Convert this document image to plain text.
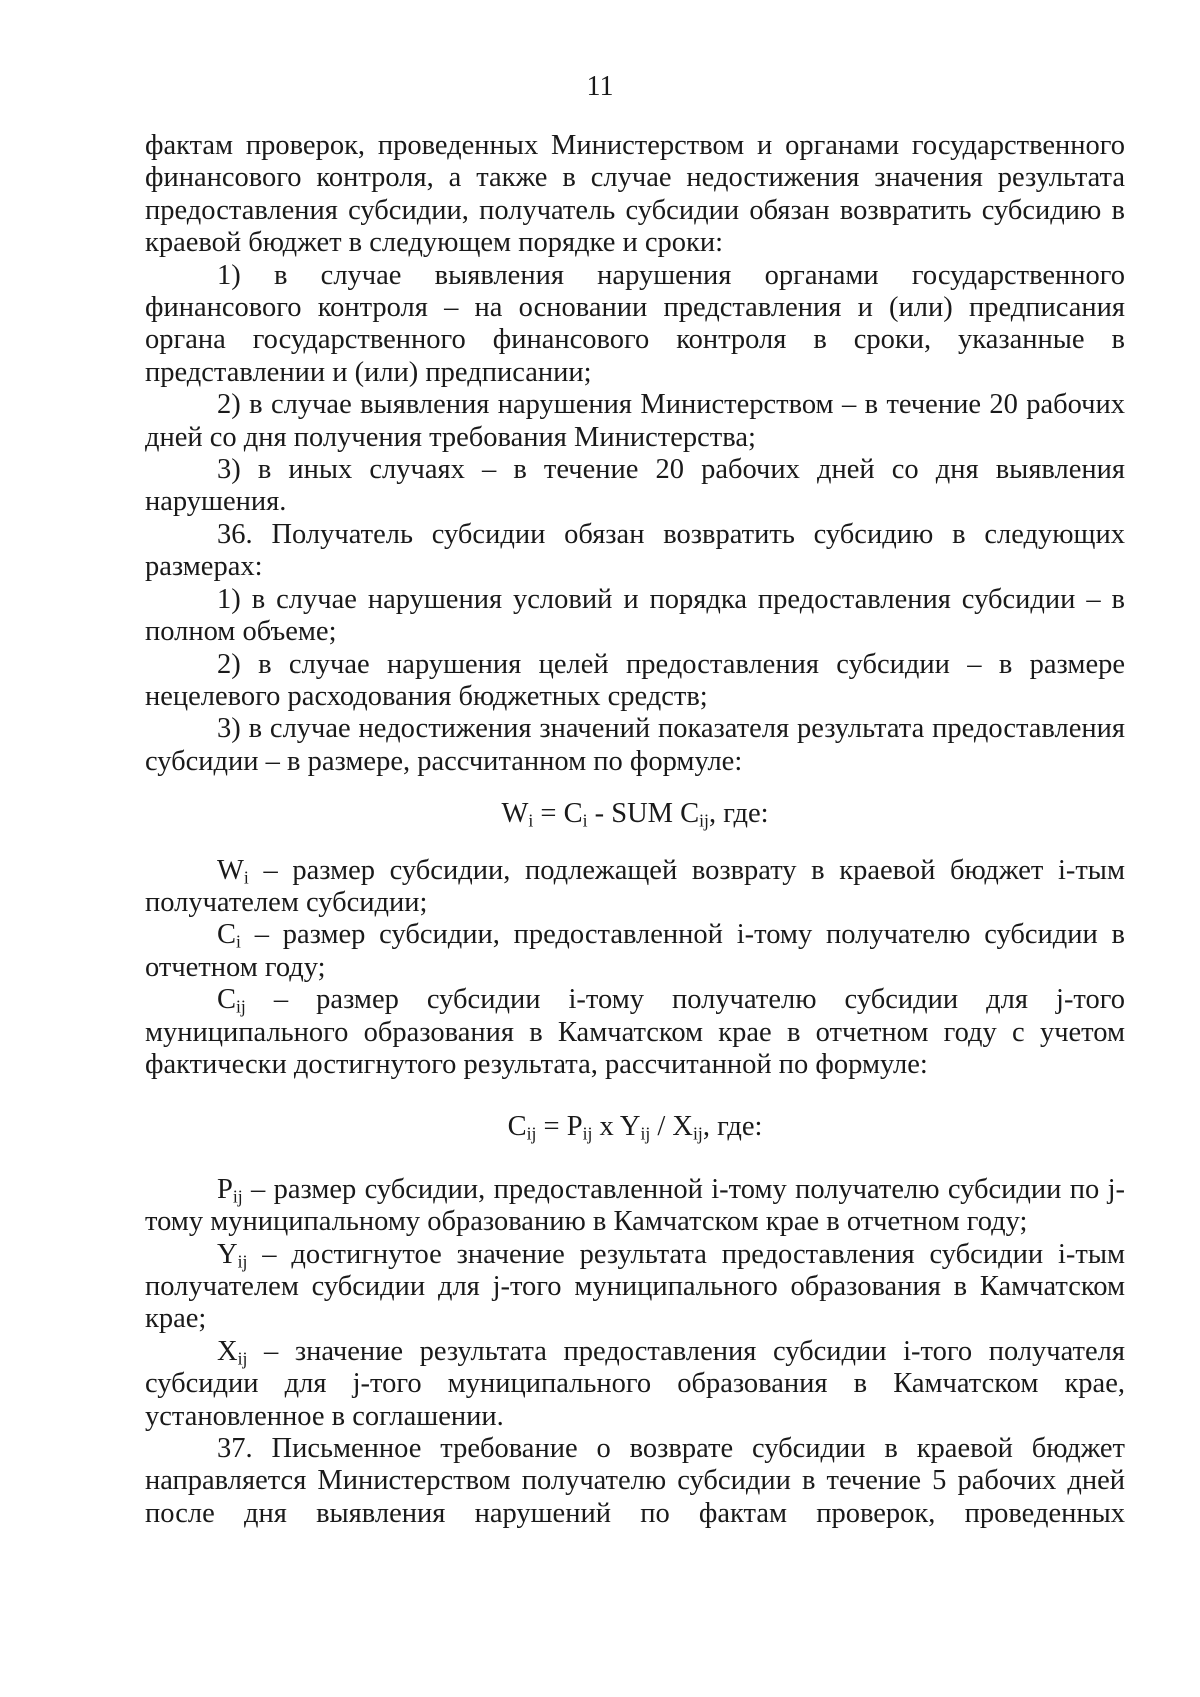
11

фактам проверок, проведенных Министерством и органами государственного финансового контроля, а также в случае недостижения значения результата предоставления субсидии, получатель субсидии обязан возвратить субсидию в краевой бюджет в следующем порядке и сроки:

1) в случае выявления нарушения органами государственного финансового контроля – на основании представления и (или) предписания органа государственного финансового контроля в сроки, указанные в представлении и (или) предписании;

2) в случае выявления нарушения Министерством – в течение 20 рабочих дней со дня получения требования Министерства;

3) в иных случаях – в течение 20 рабочих дней со дня выявления нарушения.

36. Получатель субсидии обязан возвратить субсидию в следующих размерах:

1) в случае нарушения условий и порядка предоставления субсидии – в полном объеме;

2) в случае нарушения целей предоставления субсидии – в размере нецелевого расходования бюджетных средств;

3) в случае недостижения значений показателя результата предоставления субсидии – в размере, рассчитанном по формуле:

$W_i = C_i$ - SUM $C_{ij}$, где:

$W_i$ – размер субсидии, подлежащей возврату в краевой бюджет i-тым получателем субсидии;

$C_i$ – размер субсидии, предоставленной i-тому получателю субсидии в отчетном году;

$C_{ij}$ – размер субсидии i-тому получателю субсидии для j-того муниципального образования в Камчатском крае в отчетном году с учетом фактически достигнутого результата, рассчитанной по формуле:

$C_{ij} = P_{ij}$ x $Y_{ij} / X_{ij}$, где:

$P_{ij}$ – размер субсидии, предоставленной i-тому получателю субсидии по j-тому муниципальному образованию в Камчатском крае в отчетном году;

$Y_{ij}$ – достигнутое значение результата предоставления субсидии i-тым получателем субсидии для j-того муниципального образования в Камчатском крае;

$X_{ij}$ – значение результата предоставления субсидии i-того получателя субсидии для j-того муниципального образования в Камчатском крае, установленное в соглашении.

37. Письменное требование о возврате субсидии в краевой бюджет направляется Министерством получателю субсидии в течение 5 рабочих дней после дня выявления нарушений по фактам проверок, проведенных
